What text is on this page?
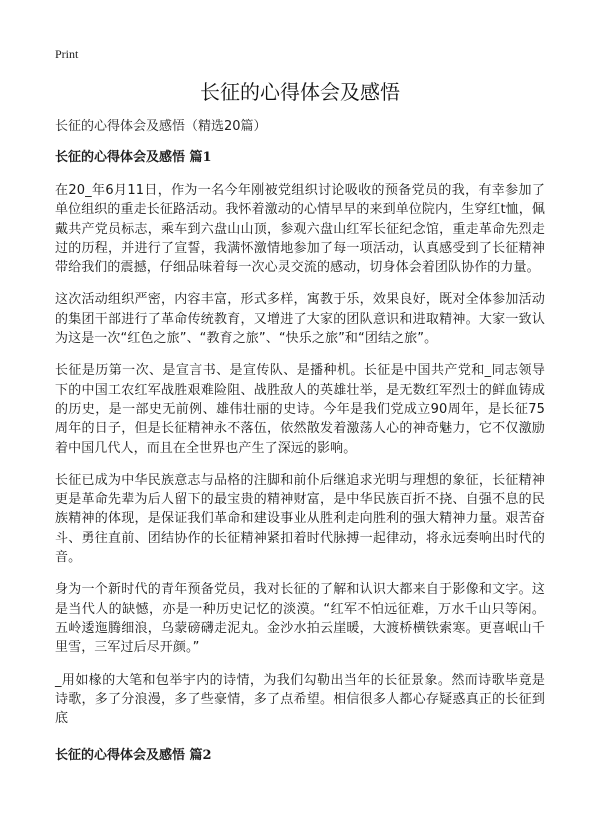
Print
长征的心得体会及感悟

长征的心得体会及感悟（精选20篇）

长征的心得体会及感悟 篇1

在20_年6月11日，作为一名今年刚被党组织讨论吸收的预备党员的我，有幸参加了单位组织的重走长征路活动。我怀着激动的心情早早的来到单位院内，生穿红t恤，佩戴共产党员标志，乘车到六盘山山顶，参观六盘山红军长征纪念馆，重走革命先烈走过的历程，并进行了宣誓，我满怀激情地参加了每一项活动，认真感受到了长征精神带给我们的震撼，仔细品味着每一次心灵交流的感动，切身体会着团队协作的力量。

这次活动组织严密，内容丰富，形式多样，寓教于乐，效果良好，既对全体参加活动的集团干部进行了革命传统教育，又增进了大家的团队意识和进取精神。大家一致认为这是一次“红色之旅”、“教育之旅”、“快乐之旅”和“团结之旅”。

长征是历第一次、是宣言书、是宣传队、是播种机。长征是中国共产党和_同志领导下的中国工农红军战胜艰难险阻、战胜敌人的英雄壮举，是无数红军烈士的鲜血铸成的历史，是一部史无前例、雄伟壮丽的史诗。今年是我们党成立90周年，是长征75周年的日子，但是长征精神永不落伍，依然散发着激荡人心的神奇魅力，它不仅激励着中国几代人，而且在全世界也产生了深远的影响。

长征已成为中华民族意志与品格的注脚和前仆后继追求光明与理想的象征，长征精神更是革命先辈为后人留下的最宝贵的精神财富，是中华民族百折不挠、自强不息的民族精神的体现，是保证我们革命和建设事业从胜利走向胜利的强大精神力量。艰苦奋斗、勇往直前、团结协作的长征精神紧扣着时代脉搏一起律动，将永远奏响出时代的音。

身为一个新时代的青年预备党员，我对长征的了解和认识大都来自于影像和文字。这是当代人的缺憾，亦是一种历史记忆的淡漠。“红军不怕远征难，万水千山只等闲。五岭逶迤腾细浪，乌蒙磅礴走泥丸。金沙水拍云崖暖，大渡桥横铁索寒。更喜岷山千里雪，三军过后尽开颜。”

_用如椽的大笔和包举宇内的诗情，为我们勾勒出当年的长征景象。然而诗歌毕竟是诗歌，多了分浪漫，多了些豪情，多了点希望。相信很多人都心存疑惑真正的长征到底

长征的心得体会及感悟 篇2
